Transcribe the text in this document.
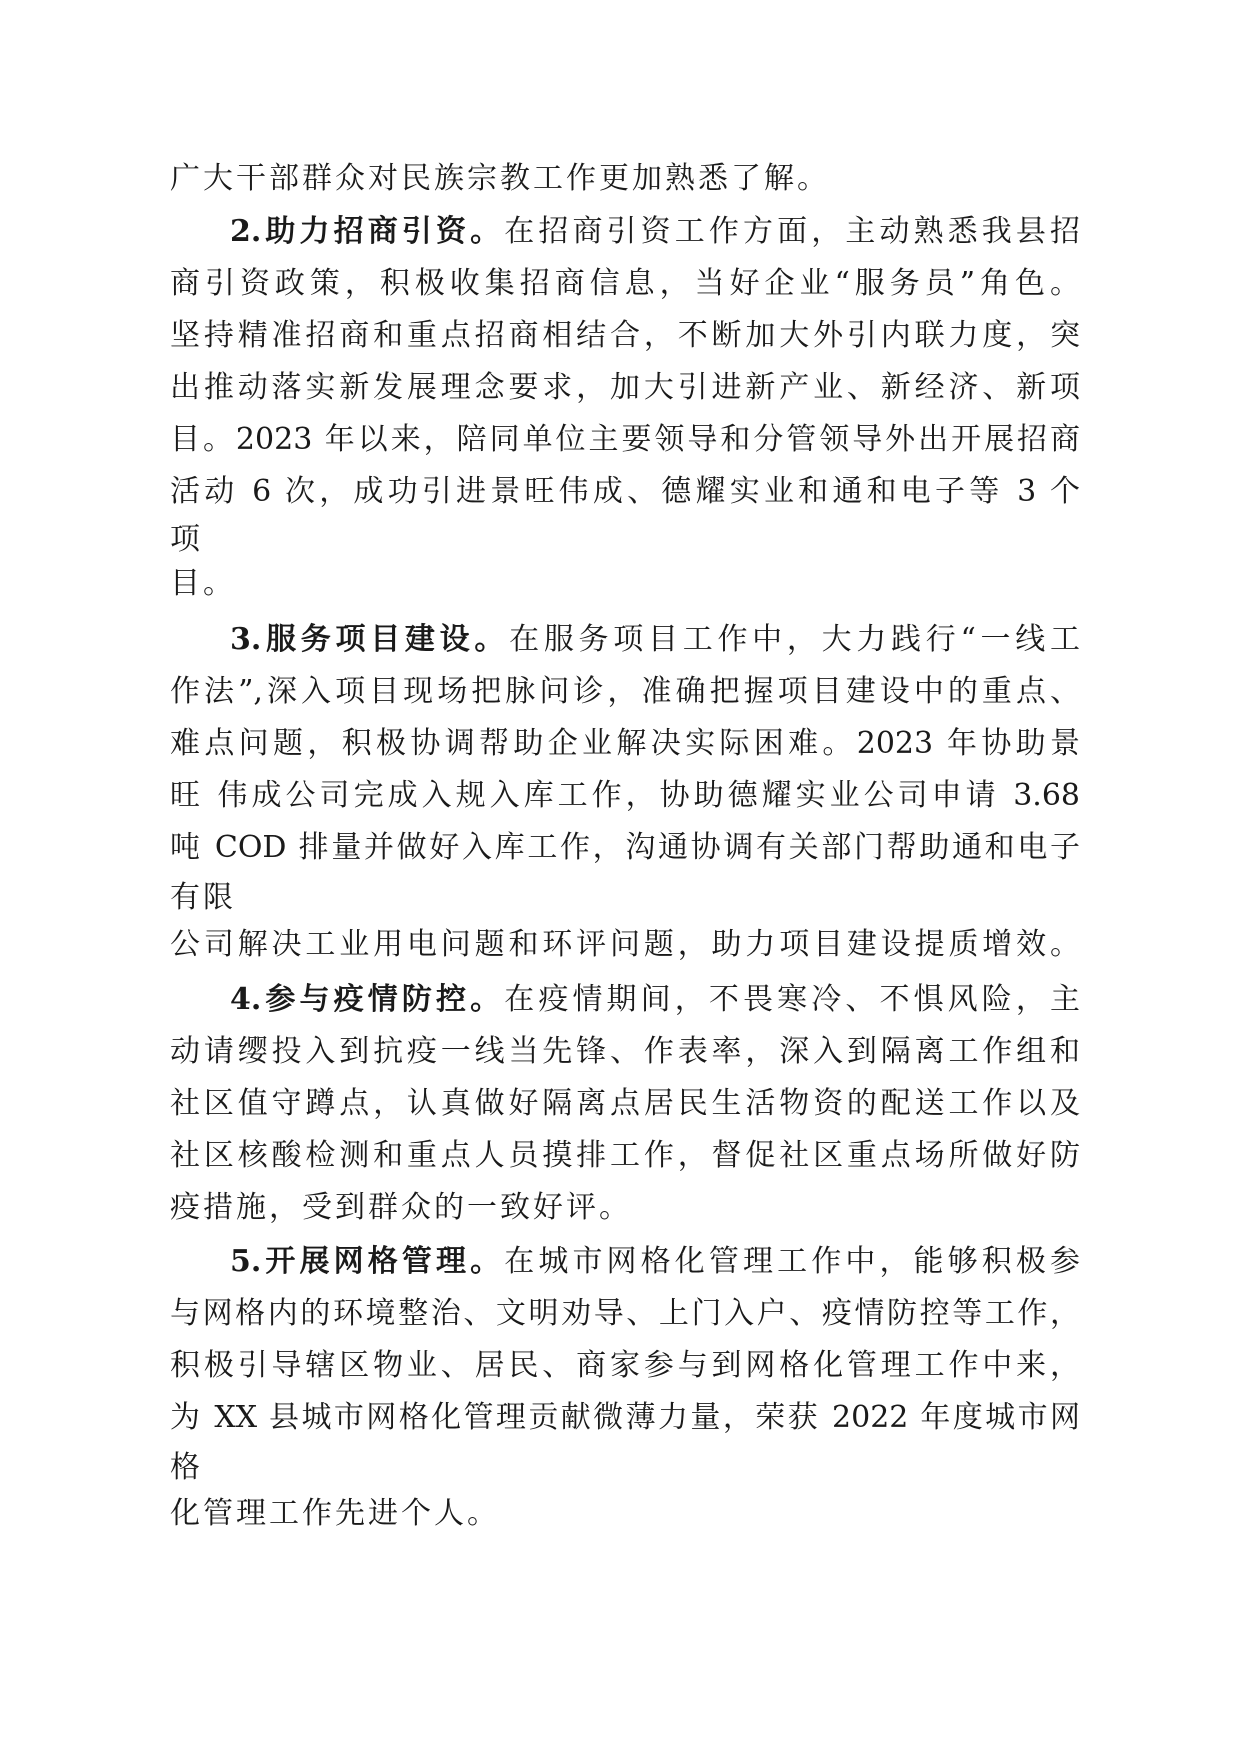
广大干部群众对民族宗教工作更加熟悉了解。
2.助力招商引资。在招商引资工作方面，主动熟悉我县招
商引资政策，积极收集招商信息，当好企业“服务员”角色。
坚持精准招商和重点招商相结合，不断加大外引内联力度，突
出推动落实新发展理念要求，加大引进新产业、新经济、新项
目。2023 年以来，陪同单位主要领导和分管领导外出开展招商
活动 6 次，成功引进景旺伟成、德耀实业和通和电子等 3 个
项
目。
3.服务项目建设。在服务项目工作中，大力践行“一线工
作法”,深入项目现场把脉问诊，准确把握项目建设中的重点、
难点问题，积极协调帮助企业解决实际困难。2023 年协助景
旺 伟成公司完成入规入库工作，协助德耀实业公司申请 3.68
吨 COD 排量并做好入库工作，沟通协调有关部门帮助通和电子
有限
公司解决工业用电问题和环评问题，助力项目建设提质增效。
4.参与疫情防控。在疫情期间，不畏寒冷、不惧风险，主
动请缨投入到抗疫一线当先锋、作表率，深入到隔离工作组和
社区值守蹲点，认真做好隔离点居民生活物资的配送工作以及
社区核酸检测和重点人员摸排工作，督促社区重点场所做好防
疫措施，受到群众的一致好评。
5.开展网格管理。在城市网格化管理工作中，能够积极参
与网格内的环境整治、文明劝导、上门入户、疫情防控等工作，
积极引导辖区物业、居民、商家参与到网格化管理工作中来，
为 XX 县城市网格化管理贡献微薄力量，荣获 2022 年度城市网
格
化管理工作先进个人。
